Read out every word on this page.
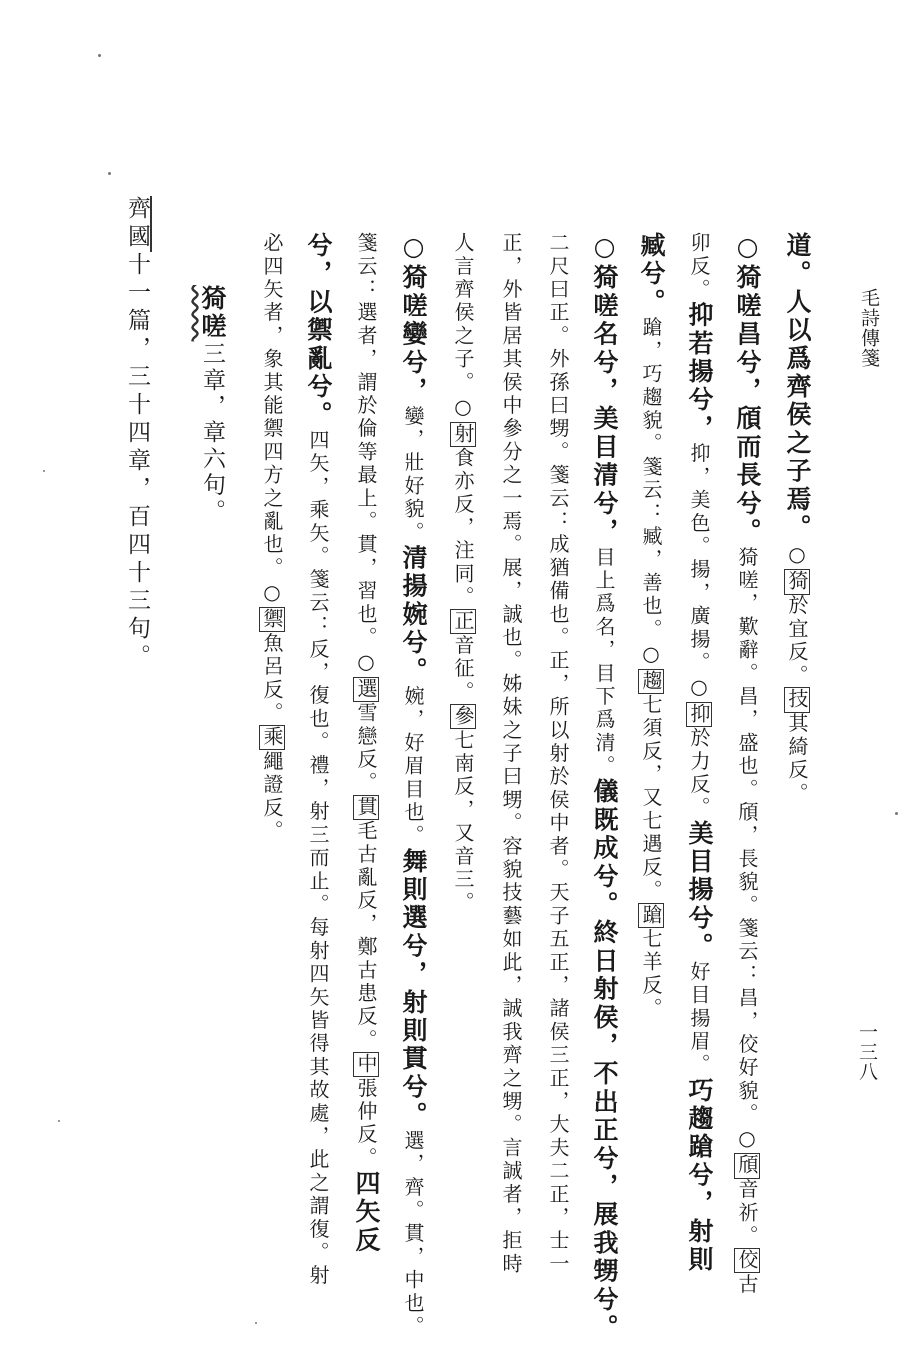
毛詩傳箋
一三八
道。人以爲齊侯之子焉。○猗於宜反。技其綺反。
○猗嗟昌兮，頎而長兮。猗嗟，歎辭。昌，盛也。頎，長貌。箋云：昌，佼好貌。○頎音祈。佼古
卯反。抑若揚兮，抑，美色。揚，廣揚。○抑於力反。美目揚兮。好目揚眉。巧趨蹌兮，射則
臧兮。蹌，巧趨貌。箋云：臧，善也。○趨七須反，又七遇反。蹌七羊反。
○猗嗟名兮，美目清兮，目上爲名，目下爲清。儀既成兮。終日射侯，不出正兮，展我甥兮。
二尺曰正。外孫曰甥。箋云：成猶備也。正，所以射於侯中者。天子五正，諸侯三正，大夫二正，士一
正，外皆居其侯中參分之一焉。展，誠也。姊妹之子曰甥。容貌技藝如此，誠我齊之甥。言誠者，拒時
人言齊侯之子。○射食亦反，注同。正音征。參七南反，又音三。
○猗嗟孌兮，孌，壯好貌。清揚婉兮。婉，好眉目也。舞則選兮，射則貫兮。選，齊。貫，中也。
箋云：選者，謂於倫等最上。貫，習也。○選雪戀反。貫毛古亂反，鄭古患反。中張仲反。四矢反
兮，以禦亂兮。四矢，乘矢。箋云：反，復也。禮，射三而止。每射四矢皆得其故處，此之謂復。射
必四矢者，象其能禦四方之亂也。○禦魚呂反。乘繩證反。
猗嗟三章，章六句。
齊國十一篇，三十四章，百四十三句。
